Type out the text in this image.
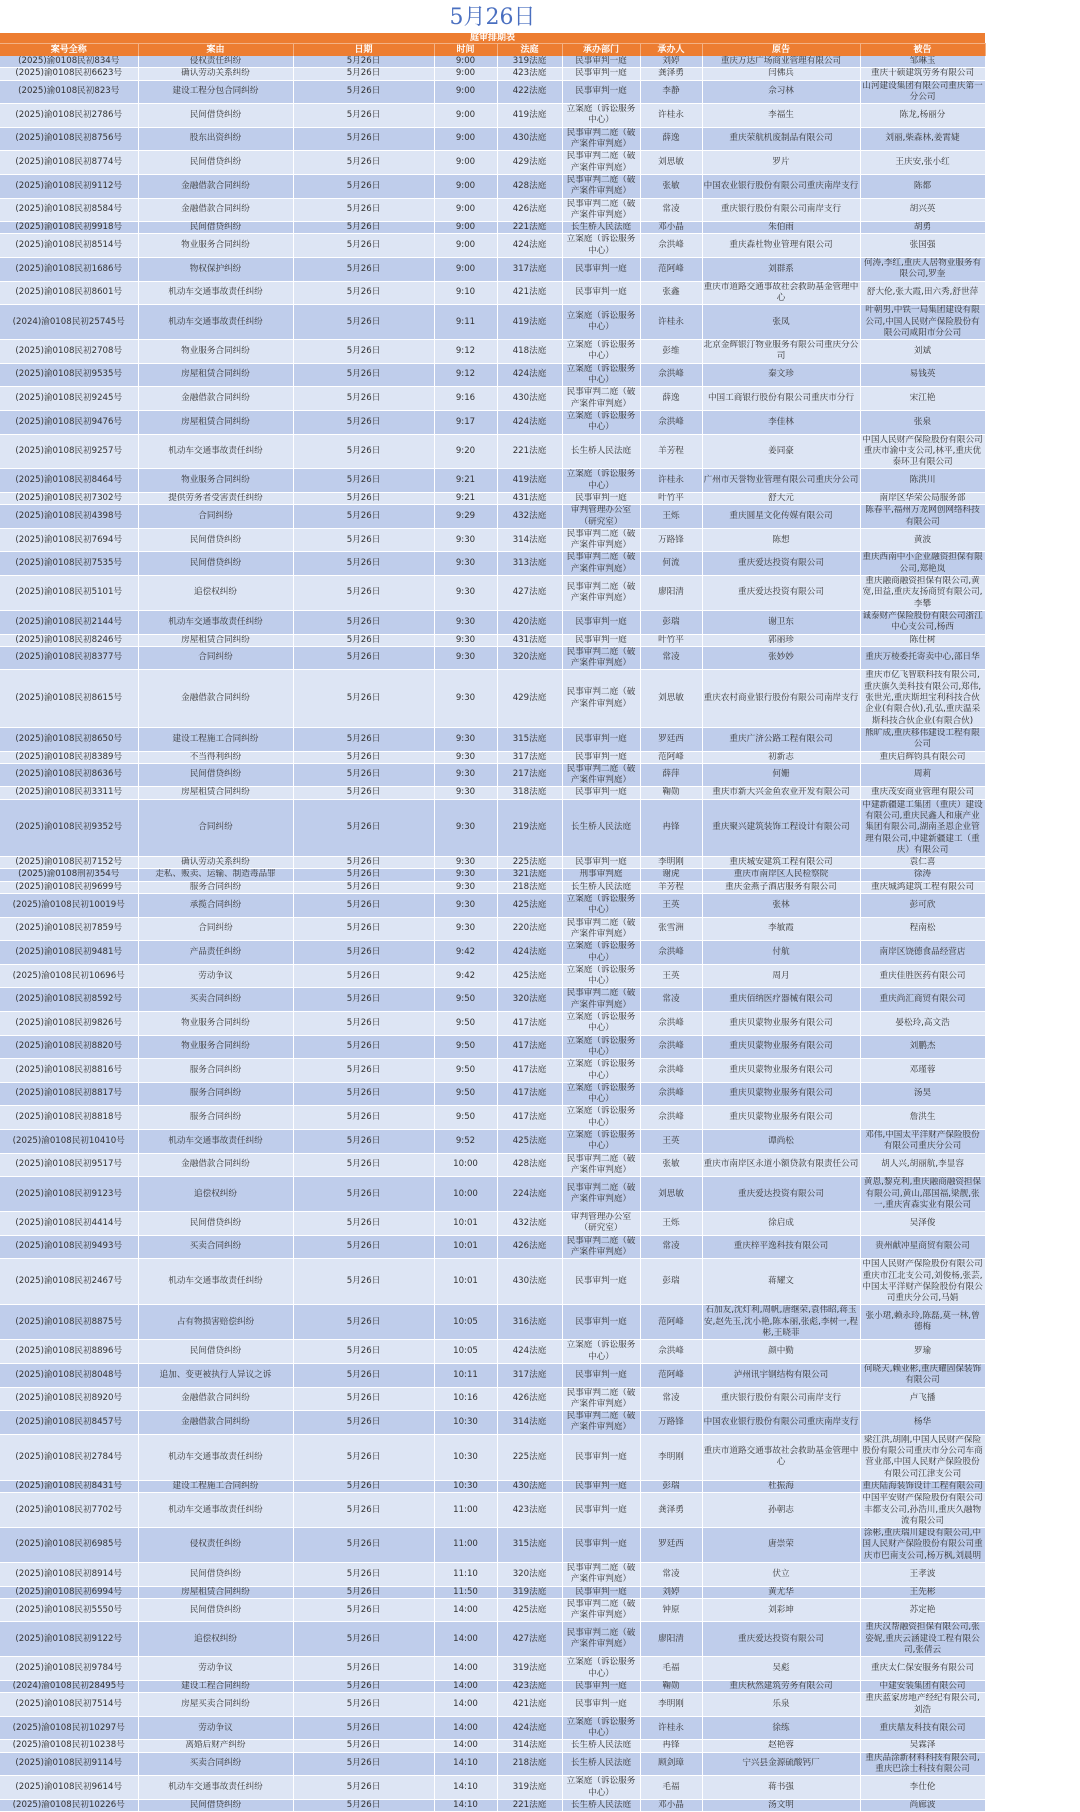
5月26日
庭审排期表								
案号全称	案由	日期	时间	法庭	承办部门	承办人	原告	被告
(2025)渝0108民初834号	侵权责任纠纷	5月26日	9:00	319法庭	民事审判一庭	刘婷	重庆万达广场商业管理有限公司	邹琳玉
(2025)渝0108民初6623号	确认劳动关系纠纷	5月26日	9:00	423法庭	民事审判一庭	龚泽勇	闫佛兵	重庆十硕建筑劳务有限公司
(2025)渝0108民初823号	建设工程分包合同纠纷	5月26日	9:00	422法庭	民事审判一庭	李静	佘习林	山河建设集团有限公司重庆第一分公司
(2025)渝0108民初2786号	民间借贷纠纷	5月26日	9:00	419法庭	立案庭（诉讼服务中心）	许桂永	李福生	陈龙,杨丽分
(2025)渝0108民初8756号	股东出资纠纷	5月26日	9:00	430法庭	民事审判二庭（破产案件审判庭）	薛逸	重庆荣航机废制品有限公司	刘丽,柴森林,姜霄婕
(2025)渝0108民初8774号	民间借贷纠纷	5月26日	9:00	429法庭	民事审判二庭（破产案件审判庭）	刘思敏	罗片	王庆安,张小红
(2025)渝0108民初9112号	金融借款合同纠纷	5月26日	9:00	428法庭	民事审判二庭（破产案件审判庭）	张敏	中国农业银行股份有限公司重庆南岸支行	陈都
(2025)渝0108民初8584号	金融借款合同纠纷	5月26日	9:00	426法庭	民事审判二庭（破产案件审判庭）	常凌	重庆银行股份有限公司南岸支行	胡兴英
(2025)渝0108民初9918号	民间借贷纠纷	5月26日	9:00	221法庭	长生桥人民法庭	邓小晶	朱伯雨	胡勇
(2025)渝0108民初8514号	物业服务合同纠纷	5月26日	9:00	424法庭	立案庭（诉讼服务中心）	佘洪峰	重庆森杜物业管理有限公司	张国强
(2025)渝0108民初1686号	物权保护纠纷	5月26日	9:00	317法庭	民事审判一庭	范阿峰	刘群系	何涛,李红,重庆人居物业服务有限公司,罗奎
(2025)渝0108民初8601号	机动车交通事故责任纠纷	5月26日	9:10	421法庭	民事审判一庭	张鑫	重庆市道路交通事故社会救助基金管理中心	舒大伦,张大霞,田六秀,舒世萍
(2024)渝0108民初25745号	机动车交通事故责任纠纷	5月26日	9:11	419法庭	立案庭（诉讼服务中心）	许桂永	张凤	叶朝男,中铁一局集团建设有限公司,中国人民财产保险股份有限公司咸阳市分公司
(2025)渝0108民初2708号	物业服务合同纠纷	5月26日	9:12	418法庭	立案庭（诉讼服务中心）	彭维	北京金辉银汀物业服务有限公司重庆分公司	刘斌
(2025)渝0108民初9535号	房屋租赁合同纠纷	5月26日	9:12	424法庭	立案庭（诉讼服务中心）	佘洪峰	秦文珍	易钱英
(2025)渝0108民初9245号	金融借款合同纠纷	5月26日	9:16	430法庭	民事审判二庭（破产案件审判庭）	薛逸	中国工商银行股份有限公司重庆市分行	宋江艳
(2025)渝0108民初9476号	房屋租赁合同纠纷	5月26日	9:17	424法庭	立案庭（诉讼服务中心）	佘洪峰	李佳林	张泉
(2025)渝0108民初9257号	机动车交通事故责任纠纷	5月26日	9:20	221法庭	长生桥人民法庭	羊芳程	姜同豪	中国人民财产保险股份有限公司重庆市渝中支公司,林平,重庆优泰环卫有限公司
(2025)渝0108民初8464号	物业服务合同纠纷	5月26日	9:21	419法庭	立案庭（诉讼服务中心）	许桂永	广州市天誉物业管理有限公司重庆分公司	陈洪川
(2025)渝0108民初7302号	提供劳务者受害责任纠纷	5月26日	9:21	431法庭	民事审判一庭	叶竹平	舒大元	南岸区华荣公局服务部
(2025)渝0108民初4398号	合同纠纷	5月26日	9:29	432法庭	审判管理办公室（研究室）	王烁	重庆圆星文化传媒有限公司	陈春平,福州万龙网创网络科技有限公司
(2025)渝0108民初7694号	民间借贷纠纷	5月26日	9:30	314法庭	民事审判二庭（破产案件审判庭）	万路锋	陈想	黄波
(2025)渝0108民初7535号	民间借贷纠纷	5月26日	9:30	313法庭	民事审判二庭（破产案件审判庭）	何流	重庆爱达投资有限公司	重庆西南中小企业融资担保有限公司,郑艳岚
(2025)渝0108民初5101号	追偿权纠纷	5月26日	9:30	427法庭	民事审判二庭（破产案件审判庭）	廖阳清	重庆爱达投资有限公司	重庆融商融资担保有限公司,黄宽,田益,重庆友扬商贸有限公司,李攀
(2025)渝0108民初2144号	机动车交通事故责任纠纷	5月26日	9:30	420法庭	民事审判一庭	彭瑞	谢卫东	诚泰财产保险股份有限公司浙江中心支公司,杨西
(2025)渝0108民初8246号	房屋租赁合同纠纷	5月26日	9:30	431法庭	民事审判一庭	叶竹平	郭丽珍	陈仕树
(2025)渝0108民初8377号	合同纠纷	5月26日	9:30	320法庭	民事审判二庭（破产案件审判庭）	常凌	张妙妙	重庆万棱委托寄卖中心,邵日华
(2025)渝0108民初8615号	金融借款合同纠纷	5月26日	9:30	429法庭	民事审判二庭（破产案件审判庭）	刘思敏	重庆农村商业银行股份有限公司南岸支行	重庆市亿飞智联科技有限公司,重庆旗久美科技有限公司,郑伟,张世光,重庆斯坦宝利科技合伙企业(有限合伙),孔弘,重庆温采斯科技合伙企业(有限合伙)
(2025)渝0108民初8650号	建设工程施工合同纠纷	5月26日	9:30	315法庭	民事审判一庭	罗廷西	重庆广济公路工程有限公司	熊旷成,重庆移伟建设工程有限公司
(2025)渝0108民初8389号	不当得利纠纷	5月26日	9:30	317法庭	民事审判一庭	范阿峰	初新志	重庆启辉钧具有限公司
(2025)渝0108民初8636号	民间借贷纠纷	5月26日	9:30	217法庭	民事审判二庭（破产案件审判庭）	薛萍	何姗	周莉
(2025)渝0108民初3311号	房屋租赁合同纠纷	5月26日	9:30	318法庭	民事审判一庭	鞠勋	重庆市新大兴金鱼农业开发有限公司	重庆茂安商业管理有限公司
(2025)渝0108民初9352号	合同纠纷	5月26日	9:30	219法庭	长生桥人民法庭	冉锋	重庆聚兴建筑装饰工程设计有限公司	中建新疆建工集团（重庆）建设有限公司,重庆民鑫人和康产业集团有限公司,湖南圣恩企业管理有限公司,中建新疆建工（重庆）有限公司
(2025)渝0108民初7152号	确认劳动关系纠纷	5月26日	9:30	225法庭	民事审判一庭	李明刚	重庆城安建筑工程有限公司	袁仁喜
(2025)渝0108刑初354号	走私、贩卖、运输、制造毒品罪	5月26日	9:30	321法庭	刑事审判庭	谢虎	重庆市南岸区人民检察院	徐涛
(2025)渝0108民初9699号	服务合同纠纷	5月26日	9:30	218法庭	长生桥人民法庭	羊芳程	重庆金燕子酒店服务有限公司	重庆城鸿建筑工程有限公司
(2025)渝0108民初10019号	承揽合同纠纷	5月26日	9:30	425法庭	立案庭（诉讼服务中心）	王英	张林	彭可欣
(2025)渝0108民初7859号	合同纠纷	5月26日	9:30	220法庭	民事审判二庭（破产案件审判庭）	张雪洲	李敏霞	程南松
(2025)渝0108民初9481号	产品责任纠纷	5月26日	9:42	424法庭	立案庭（诉讼服务中心）	佘洪峰	付航	南岸区饶德食品经营店
(2025)渝0108民初10696号	劳动争议	5月26日	9:42	425法庭	立案庭（诉讼服务中心）	王英	周月	重庆佳胜医药有限公司
(2025)渝0108民初8592号	买卖合同纠纷	5月26日	9:50	320法庭	民事审判二庭（破产案件审判庭）	常凌	重庆佰纳医疗器械有限公司	重庆尚汇商贸有限公司
(2025)渝0108民初9826号	物业服务合同纠纷	5月26日	9:50	417法庭	立案庭（诉讼服务中心）	佘洪峰	重庆贝蒙物业服务有限公司	晏松玲,高文浩
(2025)渝0108民初8820号	物业服务合同纠纷	5月26日	9:50	417法庭	立案庭（诉讼服务中心）	佘洪峰	重庆贝蒙物业服务有限公司	刘鹏杰
(2025)渝0108民初8816号	服务合同纠纷	5月26日	9:50	417法庭	立案庭（诉讼服务中心）	佘洪峰	重庆贝蒙物业服务有限公司	邓瑾蓉
(2025)渝0108民初8817号	服务合同纠纷	5月26日	9:50	417法庭	立案庭（诉讼服务中心）	佘洪峰	重庆贝蒙物业服务有限公司	汤昊
(2025)渝0108民初8818号	服务合同纠纷	5月26日	9:50	417法庭	立案庭（诉讼服务中心）	佘洪峰	重庆贝蒙物业服务有限公司	詹洪生
(2025)渝0108民初10410号	机动车交通事故责任纠纷	5月26日	9:52	425法庭	立案庭（诉讼服务中心）	王英	谭尚松	邓伟,中国太平洋财产保险股份有限公司重庆分公司
(2025)渝0108民初9517号	金融借款合同纠纷	5月26日	10:00	428法庭	民事审判二庭（破产案件审判庭）	张敏	重庆市南岸区永道小额贷款有限责任公司	胡人兴,胡丽航,李显容
(2025)渝0108民初9123号	追偿权纠纷	5月26日	10:00	224法庭	民事审判二庭（破产案件审判庭）	刘思敏	重庆爱达投资有限公司	黄恩,黎克利,重庆融商融资担保有限公司,黄山,邵国福,梁靓,张一,重庆宵森实业有限公司
(2025)渝0108民初4414号	民间借贷纠纷	5月26日	10:01	432法庭	审判管理办公室（研究室）	王烁	徐启成	吴泽俊
(2025)渝0108民初9493号	买卖合同纠纷	5月26日	10:01	426法庭	民事审判二庭（破产案件审判庭）	常凌	重庆梓平逸科技有限公司	贵州献冲星商贸有限公司
(2025)渝0108民初2467号	机动车交通事故责任纠纷	5月26日	10:01	430法庭	民事审判一庭	彭瑞	蒋耀文	中国人民财产保险股份有限公司重庆市江北支公司,刘俊杨,张芸,中国太平洋财产保险股份有限公司重庆分公司,马娟
(2025)渝0108民初8875号	占有物损害赔偿纠纷	5月26日	10:05	316法庭	民事审判一庭	范阿峰	石加友,沈灯利,周帆,唐继荣,袁伟昭,蒋玉安,赵先玉,沈小艳,陈本丽,张彪,李树一,程彬,王晓菲	张小珺,赖永玲,陈磊,莫一林,曾德梅
(2025)渝0108民初8896号	民间借贷纠纷	5月26日	10:05	424法庭	立案庭（诉讼服务中心）	佘洪峰	颜中勤	罗瑜
(2025)渝0108民初8048号	追加、变更被执行人异议之诉	5月26日	10:11	317法庭	民事审判一庭	范阿峰	泸州讯宇钢结构有限公司	何晓天,赖业彬,重庆耀固保装饰有限公司
(2025)渝0108民初8920号	金融借款合同纠纷	5月26日	10:16	426法庭	民事审判二庭（破产案件审判庭）	常凌	重庆银行股份有限公司南岸支行	卢飞播
(2025)渝0108民初8457号	金融借款合同纠纷	5月26日	10:30	314法庭	民事审判二庭（破产案件审判庭）	万路锋	中国农业银行股份有限公司重庆南岸支行	杨华
(2025)渝0108民初2784号	机动车交通事故责任纠纷	5月26日	10:30	225法庭	民事审判一庭	李明刚	重庆市道路交通事故社会救助基金管理中心	梁江洪,胡刚,中国人民财产保险股份有限公司重庆市分公司车商营业部,中国人民财产保险股份有限公司江津支公司
(2025)渝0108民初8431号	建设工程施工合同纠纷	5月26日	10:30	430法庭	民事审判一庭	彭瑞	杜振海	重庆陆海装饰设计工程有限公司
(2025)渝0108民初7702号	机动车交通事故责任纠纷	5月26日	11:00	423法庭	民事审判一庭	龚泽勇	孙朝志	中国平安财产保险股份有限公司丰都支公司,孙浩川,重庆久融物流有限公司
(2025)渝0108民初6985号	侵权责任纠纷	5月26日	11:00	315法庭	民事审判一庭	罗廷西	唐崇荣	涂彬,重庆瑞川建设有限公司,中国人民财产保险股份有限公司重庆市巴南支公司,杨万枫,刘晨明
(2025)渝0108民初8914号	民间借贷纠纷	5月26日	11:10	320法庭	民事审判二庭（破产案件审判庭）	常凌	伏立	王孝波
(2025)渝0108民初6994号	房屋租赁合同纠纷	5月26日	11:50	319法庭	民事审判一庭	刘婷	黄尤华	王先彬
(2025)渝0108民初5550号	民间借贷纠纷	5月26日	14:00	425法庭	民事审判二庭（破产案件审判庭）	钟原	刘彩坤	苏定艳
(2025)渝0108民初9122号	追偿权纠纷	5月26日	14:00	427法庭	民事审判二庭（破产案件审判庭）	廖阳清	重庆爱达投资有限公司	重庆汉帮融资担保有限公司,张姿妮,重庆云涵建设工程有限公司,张倩云
(2025)渝0108民初9784号	劳动争议	5月26日	14:00	319法庭	立案庭（诉讼服务中心）	毛福	吴彪	重庆太仁保安服务有限公司
(2024)渝0108民初28495号	建设工程合同纠纷	5月26日	14:00	423法庭	民事审判一庭	鞠勋	重庆秋然建筑劳务有限公司	中建安装集团有限公司
(2025)渝0108民初7514号	房屋买卖合同纠纷	5月26日	14:00	421法庭	民事审判一庭	李明刚	乐泉	重庆蓝家房地产经纪有限公司,刘浩
(2025)渝0108民初10297号	劳动争议	5月26日	14:00	424法庭	立案庭（诉讼服务中心）	许桂永	徐练	重庆鼎友科技有限公司
(2025)渝0108民初10238号	离婚后财产纠纷	5月26日	14:00	314法庭	长生桥人民法庭	冉锋	赵艳蓉	吴霖泽
(2025)渝0108民初9114号	买卖合同纠纷	5月26日	14:10	218法庭	长生桥人民法庭	顾剑璋	宁兴县金源硫酸钙厂	重庆品涂新材料科技有限公司,重庆巴涂士科技有限公司
(2025)渝0108民初9614号	机动车交通事故责任纠纷	5月26日	14:10	319法庭	立案庭（诉讼服务中心）	毛福	蒋书强	李仕伦
(2025)渝0108民初10226号	民间借贷纠纷	5月26日	14:10	221法庭	长生桥人民法庭	邓小晶	汤文明	尚廊波
